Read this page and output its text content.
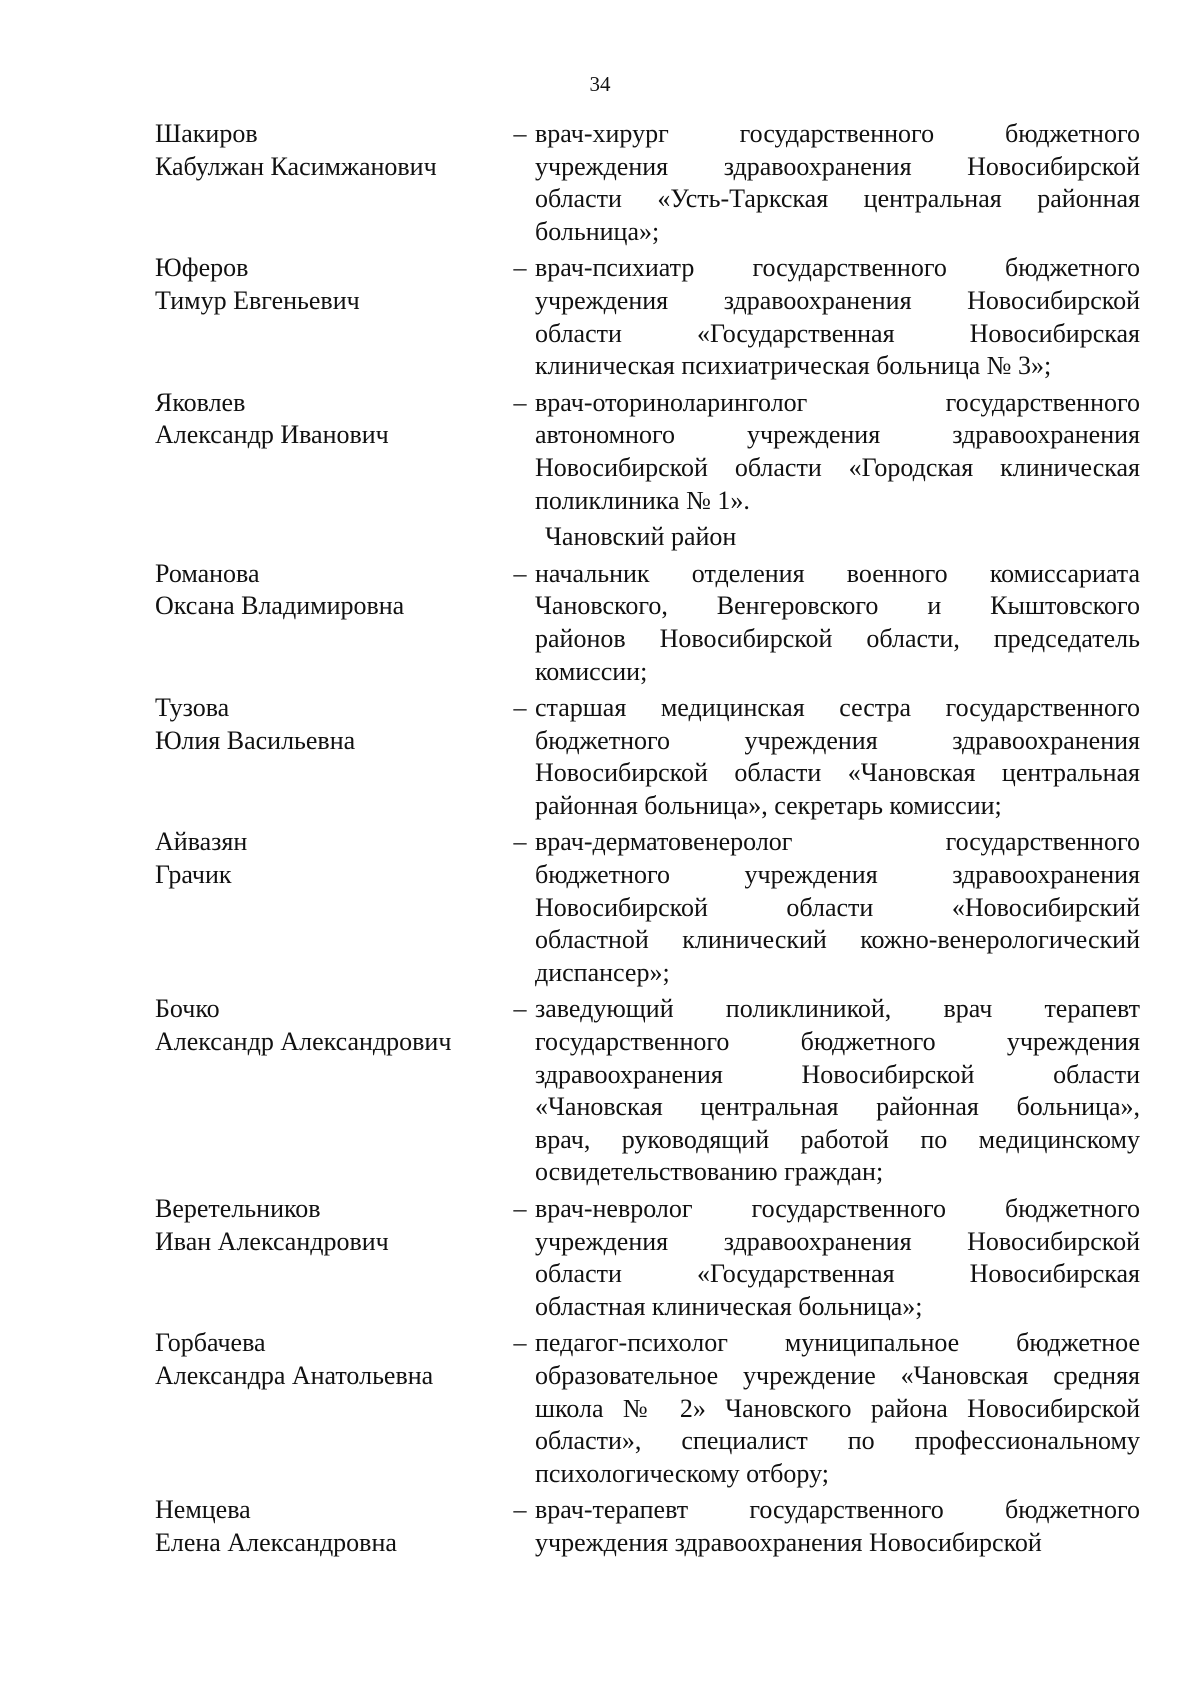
34
Шакиров
Кабулжан Касимжанович
– врач-хирург государственного бюджетного
учреждения здравоохранения Новосибирской
области «Усть-Таркская центральная районная
больница»;
Юферов
Тимур Евгеньевич
– врач-психиатр государственного бюджетного
учреждения здравоохранения Новосибирской
области «Государственная Новосибирская
клиническая психиатрическая больница № 3»;
Яковлев
Александр Иванович
– врач-оториноларинголог государственного
автономного учреждения здравоохранения
Новосибирской области «Городская клиническая
поликлиника № 1».
Чановский район
Романова
Оксана Владимировна
– начальник отделения военного комиссариата
Чановского, Венгеровского и Кыштовского
районов Новосибирской области, председатель
комиссии;
Тузова
Юлия Васильевна
– старшая медицинская сестра государственного
бюджетного учреждения здравоохранения
Новосибирской области «Чановская центральная
районная больница», секретарь комиссии;
Айвазян
Грачик
– врач-дерматовенеролог государственного
бюджетного учреждения здравоохранения
Новосибирской области «Новосибирский
областной клинический кожно-венерологический
диспансер»;
Бочко
Александр Александрович
– заведующий поликлиникой, врач терапевт
государственного бюджетного учреждения
здравоохранения Новосибирской области
«Чановская центральная районная больница»,
врач, руководящий работой по медицинскому
освидетельствованию граждан;
Веретельников
Иван Александрович
– врач-невролог государственного бюджетного
учреждения здравоохранения Новосибирской
области «Государственная Новосибирская
областная клиническая больница»;
Горбачева
Александра Анатольевна
– педагог-психолог муниципальное бюджетное
образовательное учреждение «Чановская средняя
школа № 2» Чановского района Новосибирской
области», специалист по профессиональному
психологическому отбору;
Немцева
Елена Александровна
– врач-терапевт государственного бюджетного
учреждения здравоохранения Новосибирской
